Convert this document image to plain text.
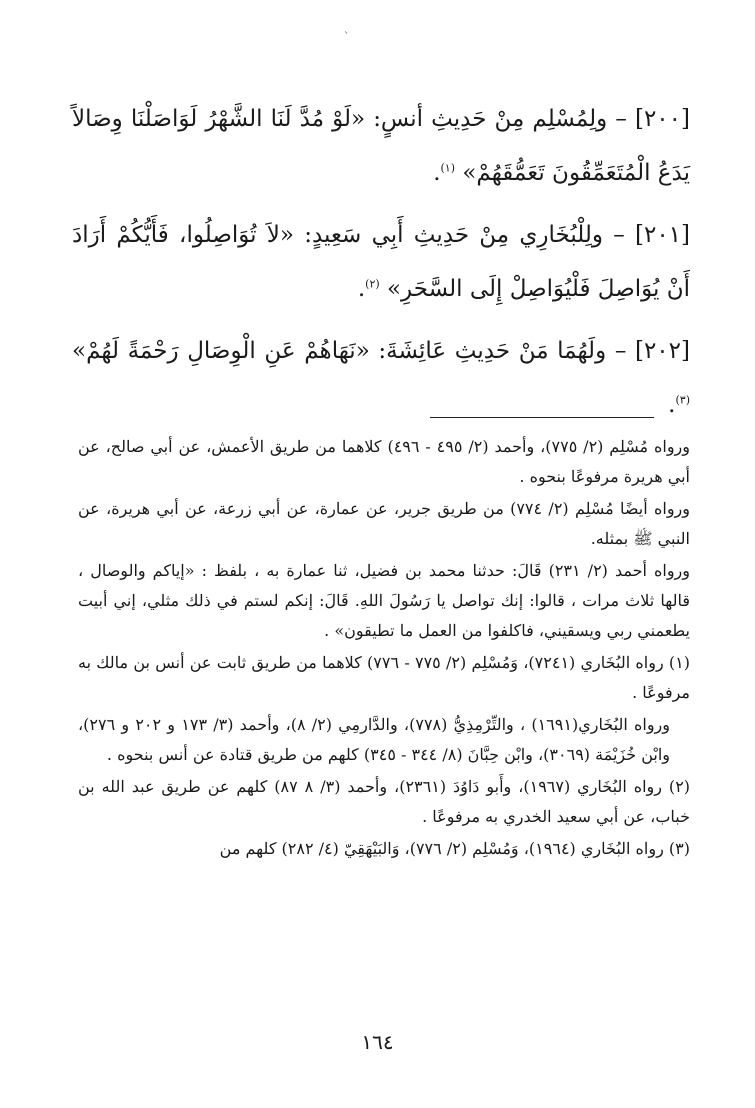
ˋ

[٢٠٠] – ولِمُسْلِم مِنْ حَدِيثِ أنسٍ: «لَوْ مُدَّ لَنَا الشَّهْرُ لَوَاصَلْنَا وِصَالاً يَدَعُ الْمُتَعَمِّقُونَ تَعَمُّقَهُمْ» $^{(١)}$.

[٢٠١] – ولِلْبُخَارِي مِنْ حَدِيثِ أَبِي سَعِيدٍ: «لاَ تُوَاصِلُوا، فَأَيُّكُمْ أَرَادَ أَنْ يُوَاصِلَ فَلْيُوَاصِلْ إِلَى السَّحَرِ» $^{(٢)}$.

[٢٠٢] – ولَهُمَا مَنْ حَدِيثِ عَائِشَةَ: «نَهَاهُمْ عَنِ الْوِصَالِ رَحْمَةً لَهُمْ» $^{(٣)}$.

ورواه مُسْلِم (٢/ ٧٧٥)، وأحمد (٢/ ٤٩٥ - ٤٩٦) كلاهما من طريق الأعمش، عن أبي صالح، عن أبي هريرة مرفوعًا بنحوه .

ورواه أيضًا مُسْلِم (٢/ ٧٧٤) من طريق جرير، عن عمارة، عن أبي زرعة، عن أبي هريرة، عن النبي ﷺ بمثله.

ورواه أحمد (٢/ ٢٣١) قَالَ: حدثنا محمد بن فضيل، ثنا عمارة به ، بلفظ : «إياكم والوصال ، قالها ثلاث مرات ، قالوا: إنك تواصل يا رَسُولَ اللهِ. قَالَ: إنكم لستم في ذلك مثلي، إني أبيت يطعمني ربي ويسقيني، فاكلفوا من العمل ما تطيقون» .

(١) رواه البُخَاري (٧٢٤١)، وَمُسْلِم (٢/ ٧٧٥ - ٧٧٦) كلاهما من طريق ثابت عن أنس بن مالك به مرفوعًا .

ورواه البُخَاري(١٦٩١) ، والتِّرْمِذِيُّ (٧٧٨)، والدَّارمِي (٢/ ٨)، وأحمد (٣/ ١٧٣ و ٢٠٢ و ٢٧٦)، وابْن خُزَيْمَة (٣٠٦٩)، وابْن حِبَّانَ (٨/ ٣٤٤ - ٣٤٥) كلهم من طريق قتادة عن أنس بنحوه .

(٢) رواه البُخَاري (١٩٦٧)، وأَبو دَاوُدَ (٢٣٦١)، وأحمد (٣/ ٨ ٨٧) كلهم عن طريق عبد الله بن خباب، عن أبي سعيد الخدري به مرفوعًا .

(٣) رواه البُخَاري (١٩٦٤)، وَمُسْلِم (٢/ ٧٧٦)، وَالبَيْهَقِيّ (٤/ ٢٨٢) كلهم من

١٦٤
